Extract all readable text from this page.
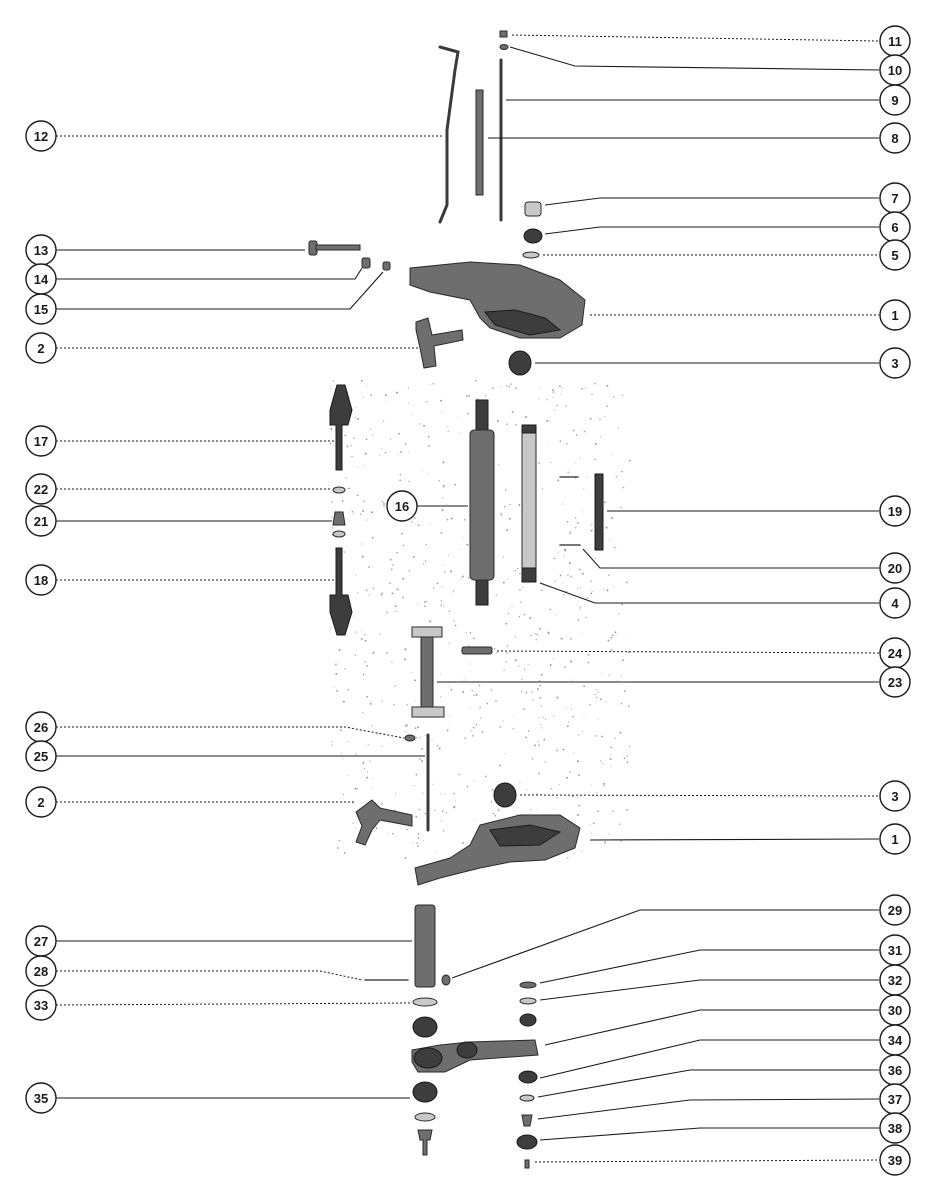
11
10
9
8
12
7
6
13	5
14
15	1
2
3
17
22
16	19
21
20
18
4
24
23
26
25
2	3
1
29
27
31
28
32
33	30
34
36
35	37
38
39
